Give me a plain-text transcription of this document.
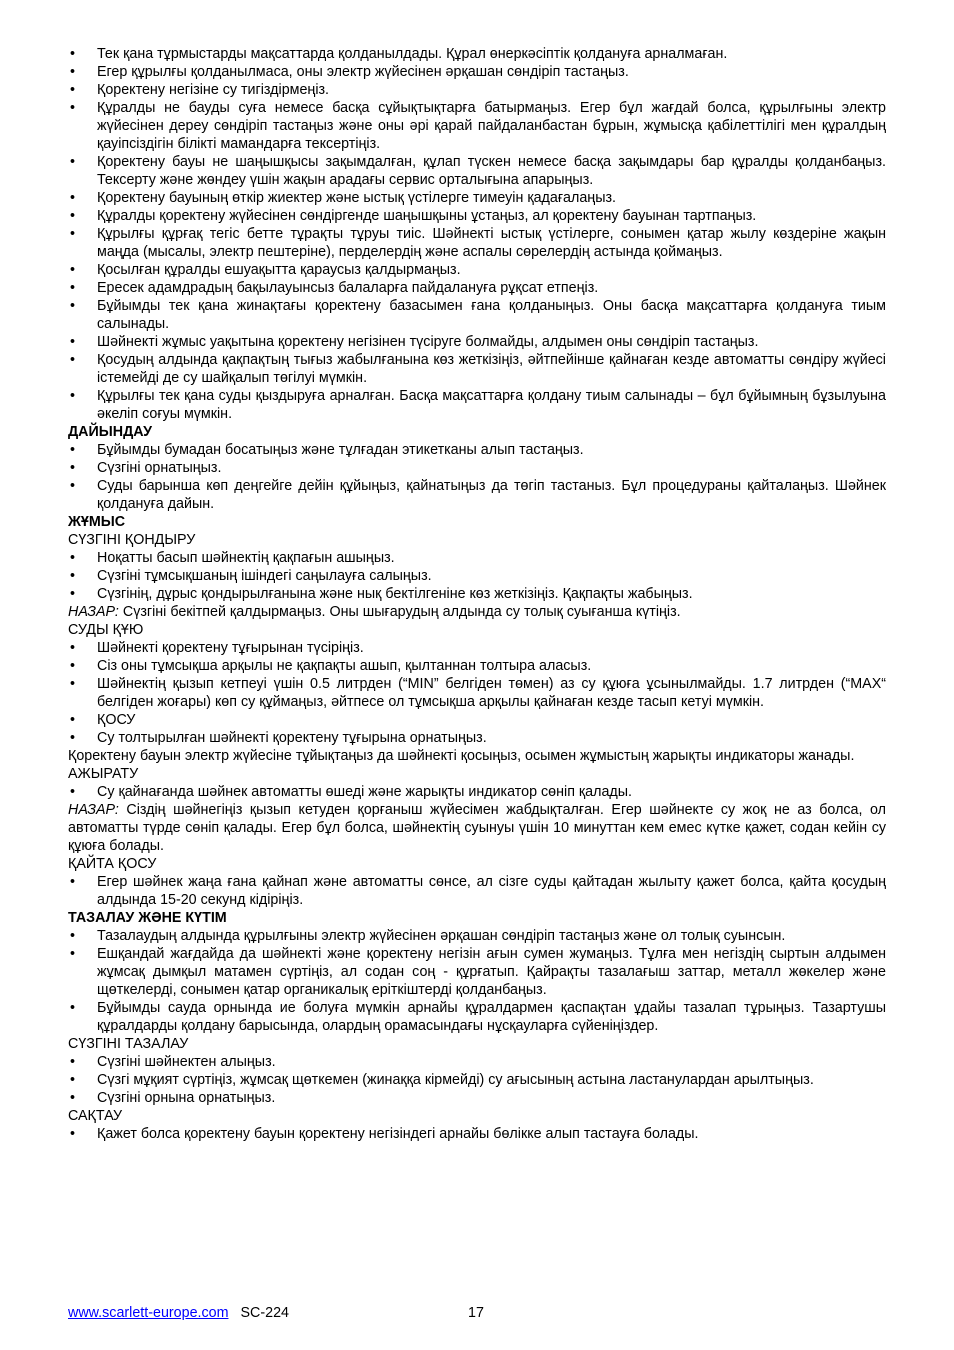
• Тек қана тұрмыстарды мақсаттарда қолданылдады. Құрал өнеркәсіптік қолдануға арналмаған.
• Егер құрылғы қолданылмаса, оны электр жүйесінен әрқашан сөндіріп тастаңыз.
• Қоректену негізіне су тигіздірмеңіз.
• Құралды не бауды суға немесе басқа сұйықтықтарға батырмаңыз. Егер бұл жағдай болса, құрылғыны электр жүйесінен дереу сөндіріп тастаңыз және оны әрі қарай пайдаланбастан бұрын, жұмысқа қабілеттілігі мен құралдың қауіпсіздігін білікті мамандарға тексертіңіз.
• Қоректену бауы не шаңышқысы зақымдалған, құлап түскен немесе басқа зақымдары бар құралды қолданбаңыз. Тексерту және жөндеу үшін жақын арадағы сервис орталығына апарыңыз.
• Қоректену бауының өткір жиектер және ыстық үстілерге тимеуін қадағалаңыз.
• Құралды қоректену жүйесінен сөндіргенде шаңышқыны ұстаңыз, ал қоректену бауынан тартпаңыз.
• Құрылғы құрғақ тегіс бетте тұрақты тұруы тиіс. Шәйнекті ыстық үстілерге, сонымен қатар жылу көздеріне жақын маңда (мысалы, электр пештеріне), перделердің және аспалы сөрелердің астында қоймаңыз.
• Қосылған құралды ешуақытта қараусыз қалдырмаңыз.
• Ересек адамдрадың бақылауынсыз балаларға пайдалануға рұқсат етпеңіз.
• Бұйымды тек қана жинақтағы қоректену базасымен ғана қолданыңыз. Оны басқа мақсаттарға қолдануға тиым салынады.
• Шәйнекті жұмыс уақытына қоректену негізінен түсіруге болмайды, алдымен оны сөндіріп тастаңыз.
• Қосудың алдында қақпақтың тығыз жабылғанына көз жеткізіңіз, әйтпейінше қайнаған кезде автоматты сөндіру жүйесі істемейді де су шайқалып төгілуі мүмкін.
• Құрылғы тек қана суды қыздыруға арналған. Басқа мақсаттарға қолдану тиым салынады – бұл бұйымның бұзылуына әкеліп соғуы мүмкін.
ДАЙЫНДАУ
• Бұйымды бумадан босатыңыз және тұлғадан этикетканы алып тастаңыз.
• Сүзгіні орнатыңыз.
• Суды барынша көп деңгейге дейін құйыңыз, қайнатыңыз да төгіп тастаныз. Бұл процедураны қайталаңыз. Шәйнек қолдануға дайын.
ЖҰМЫС
СҮЗГІНІ ҚОНДЫРУ
• Ноқатты басып шәйнектің қақпағын ашыңыз.
• Сүзгіні тұмсықшаның ішіндегі саңылауға салыңыз.
• Сүзгінің, дұрыс қондырылғанына және нық бектілгеніне көз жеткізіңіз. Қақпақты жабыңыз.
НАЗАР: Сүзгіні бекітпей қалдырмаңыз. Оны шығарудың алдында су толық суығанша күтіңіз.
СУДЫ ҚҰЮ
• Шәйнекті қоректену тұғырынан түсіріңіз.
• Сіз оны тұмсықша арқылы не қақпақты ашып, қылтаннан толтыра аласыз.
• Шәйнектің қызып кетпеуі үшін 0.5 литрден (“MIN” белгіден төмен) аз су құюға ұсынылмайды. 1.7 литрден (“MAX“ белгіден жоғары) көп су құймаңыз, әйтпесе ол тұмсықша арқылы қайнаған кезде тасып кетуі мүмкін.
• ҚОСУ
• Су толтырылған шәйнекті қоректену тұғырына орнатыңыз.
Қоректену бауын электр жүйесіне тұйықтаңыз да шәйнекті қосыңыз, осымен жұмыстың жарықты индикаторы жанады.
АЖЫРАТУ
• Су қайнағанда шәйнек автоматты өшеді және жарықты индикатор сөніп қалады.
НАЗАР: Сіздің шәйнегіңіз қызып кетуден қорғаныш жүйесімен жабдықталған. Егер шәйнекте су жоқ не аз болса, ол автоматты түрде сөніп қалады. Егер бұл болса, шәйнектің суынуы үшін 10 минуттан кем емес күтке қажет, содан кейін су құюға болады.
ҚАЙТА ҚОСУ
• Егер шәйнек жаңа ғана қайнап және автоматты сөнсе, ал сізге суды қайтадан жылыту қажет болса, қайта қосудың алдында 15-20 секунд кідіріңіз.
ТАЗАЛАУ ЖӘНЕ КҮТІМ
• Тазалаудың алдында құрылғыны электр жүйесінен әрқашан сөндіріп тастаңыз және ол толық суынсын.
• Ешқандай жағдайда да шәйнекті және қоректену негізін ағын сумен жумаңыз. Тұлға мен негіздің сыртын алдымен жұмсақ дымқыл матамен сүртіңіз, ал содан соң - құрғатып. Қайрақты тазалағыш заттар, металл жөкелер және щөткелерді, сонымен қатар органикалық еріткіштерді қолданбаңыз.
• Бұйымды сауда орнында ие болуға мүмкін арнайы құралдармен қаспақтан ұдайы тазалап тұрыңыз. Тазартушы құралдарды қолдану барысында, олардың орамасындағы нұсқауларға сүйеніңіздер.
СҮЗГІНІ ТАЗАЛАУ
• Сүзгіні шәйнектен алыңыз.
• Сүзгі мұқият сүртіңіз, жұмсақ щөткемен (жинаққа кірмейді) су ағысының астына ластанулардан арылтыңыз.
• Сүзгіні орнына орнатыңыз.
САҚТАУ
• Қажет болса қоректену бауын қоректену негізіндегі арнайы бөлікке алып тастауға болады.
www.scarlett-europe.com SC-224	17
